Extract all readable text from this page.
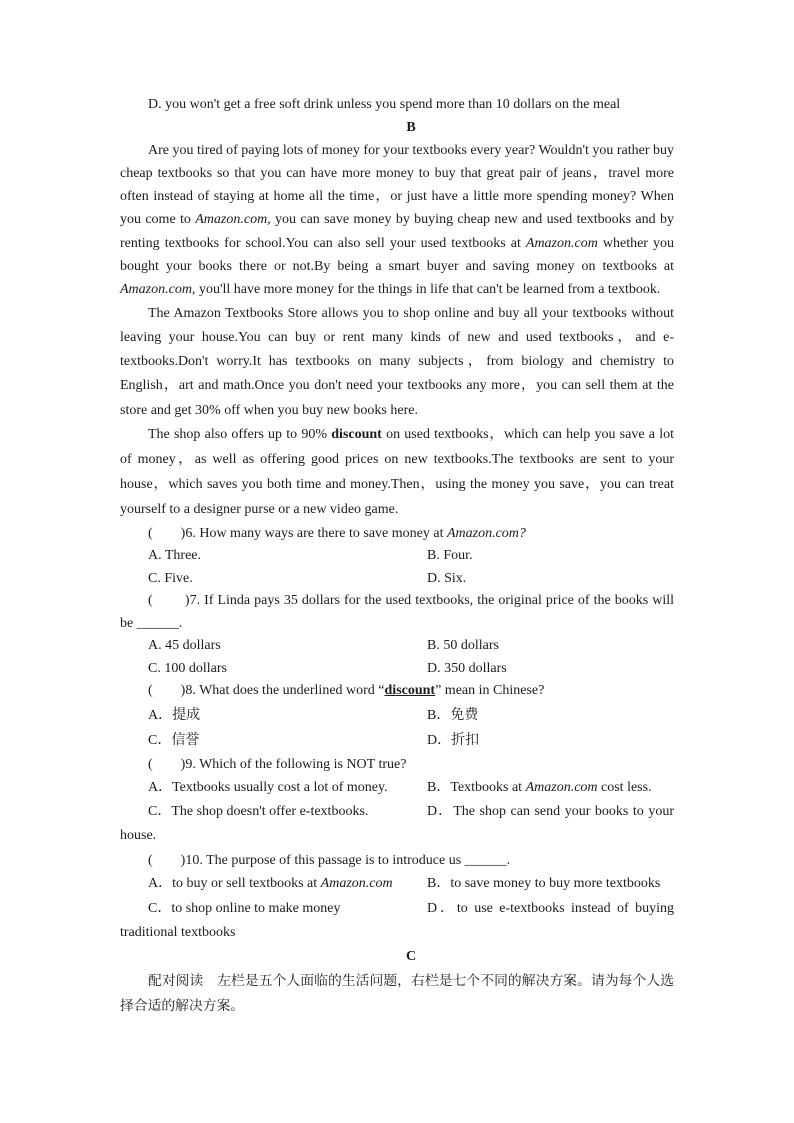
D. you won't get a free soft drink unless you spend more than 10 dollars on the meal

B

Are you tired of paying lots of money for your textbooks every year? Wouldn't you rather buy cheap textbooks so that you can have more money to buy that great pair of jeans，travel more often instead of staying at home all the time，or just have a little more spending money? When you come to Amazon.com, you can save money by buying cheap new and used textbooks and by renting textbooks for school.You can also sell your used textbooks at Amazon.com whether you bought your books there or not.By being a smart buyer and saving money on textbooks at Amazon.com, you'll have more money for the things in life that can't be learned from a textbook.

The Amazon Textbooks Store allows you to shop online and buy all your textbooks without leaving your house.You can buy or rent many kinds of new and used textbooks，and e-textbooks.Don't worry.It has textbooks on many subjects，from biology and chemistry to English，art and math.Once you don't need your textbooks any more，you can sell them at the store and get 30% off when you buy new books here.

The shop also offers up to 90% discount on used textbooks，which can help you save a lot of money，as well as offering good prices on new textbooks.The textbooks are sent to your house，which saves you both time and money.Then，using the money you save，you can treat yourself to a designer purse or a new video game.

(        )6. How many ways are there to save money at Amazon.com?

A. Three.	B. Four.
C. Five.	D. Six.

(        )7. If Linda pays 35 dollars for the used textbooks, the original price of the books will be ______.

A. 45 dollars	B. 50 dollars
C. 100 dollars	D. 350 dollars

(        )8. What does the underlined word “discount” mean in Chinese?

A．提成	B．免费
C．信誉	D．折扣

(        )9. Which of the following is NOT true?

A．Textbooks usually cost a lot of money.	B．Textbooks at Amazon.com cost less.
C．The shop doesn't offer e-textbooks.	D．The shop can send your books to your house.

(        )10. The purpose of this passage is to introduce us ______.

A．to buy or sell textbooks at Amazon.com B．to save money to buy more textbooks
C．to shop online to make money	D．to use e-textbooks instead of buying traditional textbooks
C

配对阅读　左栏是五个人面临的生活问题，右栏是七个不同的解决方案。请为每个人选择合适的解决方案。
